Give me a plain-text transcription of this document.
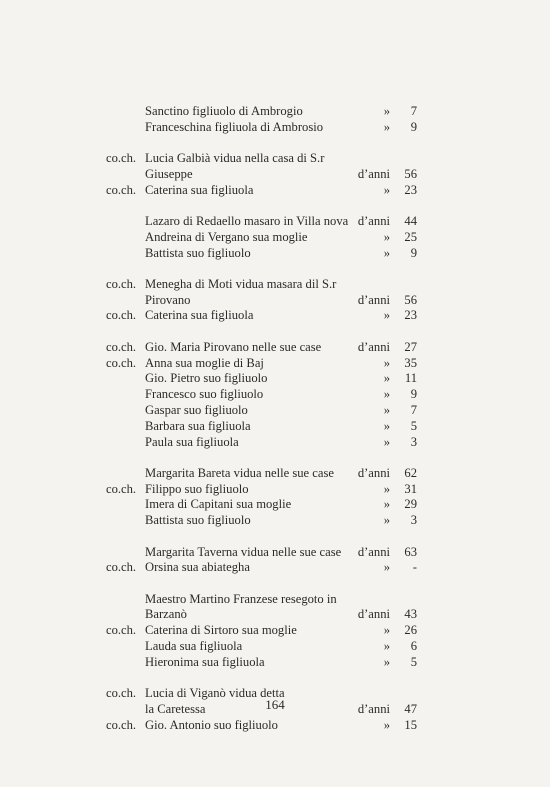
Sanctino figliuolo di Ambrogio	» 7
Franceschina figliuola di Ambrosio	» 9
co.ch. Lucia Galbià vidua nella casa di S.r
Giuseppe	d’anni 56
co.ch. Caterina sua figliuola	» 23
Lazaro di Redaello masaro in Villa nova d’anni 44
Andreina di Vergano sua moglie	» 25
Battista suo figliuolo	» 9
co.ch. Menegha di Moti vidua masara dil S.r
Pirovano	d’anni 56
co.ch. Caterina sua figliuola	» 23
co.ch. Gio. Maria Pirovano nelle sue case	d’anni 27
co.ch. Anna sua moglie di Baj	» 35
Gio. Pietro suo figliuolo	» 11
Francesco suo figliuolo	» 9
Gaspar suo figliuolo	» 7
Barbara sua figliuola	» 5
Paula sua figliuola	» 3
Margarita Bareta vidua nelle sue case d’anni 62
co.ch. Filippo suo figliuolo	» 31
Imera di Capitani sua moglie	» 29
Battista suo figliuolo	» 3
Margarita Taverna vidua nelle sue case d’anni 63
co.ch. Orsina sua abiategha	» -
Maestro Martino Franzese resegoto in
Barzanò	d’anni 43
co.ch. Caterina di Sirtoro sua moglie	» 26
Lauda sua figliuola	» 6
Hieronima sua figliuola	» 5
co.ch. Lucia di Viganò vidua detta
la Caretessa	d’anni 47
co.ch. Gio. Antonio suo figliuolo	» 15
164
